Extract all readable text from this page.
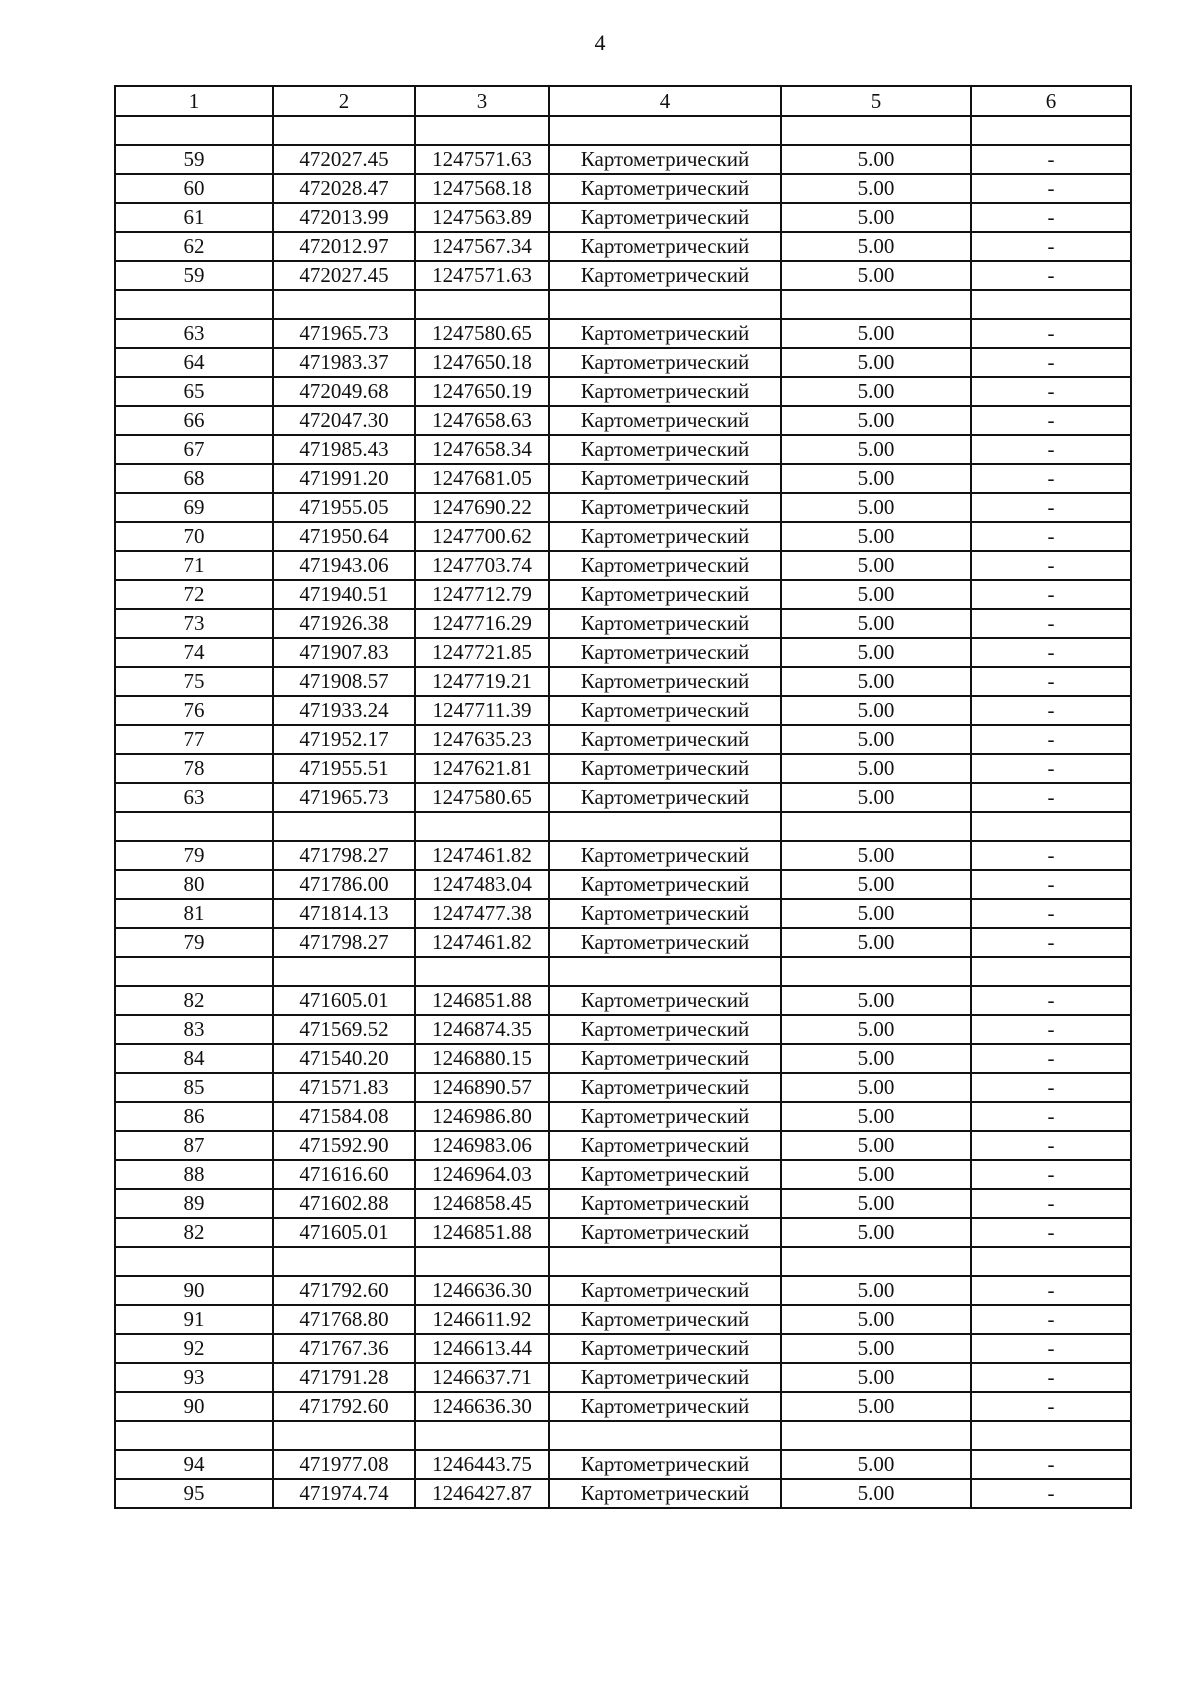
4
1	2	3	4	5	6

59	472027.45	1247571.63	Картометрический	5.00	-
60	472028.47	1247568.18	Картометрический	5.00	-
61	472013.99	1247563.89	Картометрический	5.00	-
62	472012.97	1247567.34	Картометрический	5.00	-
59	472027.45	1247571.63	Картометрический	5.00	-

63	471965.73	1247580.65	Картометрический	5.00	-
64	471983.37	1247650.18	Картометрический	5.00	-
65	472049.68	1247650.19	Картометрический	5.00	-
66	472047.30	1247658.63	Картометрический	5.00	-
67	471985.43	1247658.34	Картометрический	5.00	-
68	471991.20	1247681.05	Картометрический	5.00	-
69	471955.05	1247690.22	Картометрический	5.00	-
70	471950.64	1247700.62	Картометрический	5.00	-
71	471943.06	1247703.74	Картометрический	5.00	-
72	471940.51	1247712.79	Картометрический	5.00	-
73	471926.38	1247716.29	Картометрический	5.00	-
74	471907.83	1247721.85	Картометрический	5.00	-
75	471908.57	1247719.21	Картометрический	5.00	-
76	471933.24	1247711.39	Картометрический	5.00	-
77	471952.17	1247635.23	Картометрический	5.00	-
78	471955.51	1247621.81	Картометрический	5.00	-
63	471965.73	1247580.65	Картометрический	5.00	-

79	471798.27	1247461.82	Картометрический	5.00	-
80	471786.00	1247483.04	Картометрический	5.00	-
81	471814.13	1247477.38	Картометрический	5.00	-
79	471798.27	1247461.82	Картометрический	5.00	-

82	471605.01	1246851.88	Картометрический	5.00	-
83	471569.52	1246874.35	Картометрический	5.00	-
84	471540.20	1246880.15	Картометрический	5.00	-
85	471571.83	1246890.57	Картометрический	5.00	-
86	471584.08	1246986.80	Картометрический	5.00	-
87	471592.90	1246983.06	Картометрический	5.00	-
88	471616.60	1246964.03	Картометрический	5.00	-
89	471602.88	1246858.45	Картометрический	5.00	-
82	471605.01	1246851.88	Картометрический	5.00	-

90	471792.60	1246636.30	Картометрический	5.00	-
91	471768.80	1246611.92	Картометрический	5.00	-
92	471767.36	1246613.44	Картометрический	5.00	-
93	471791.28	1246637.71	Картометрический	5.00	-
90	471792.60	1246636.30	Картометрический	5.00	-

94	471977.08	1246443.75	Картометрический	5.00	-
95	471974.74	1246427.87	Картометрический	5.00	-
